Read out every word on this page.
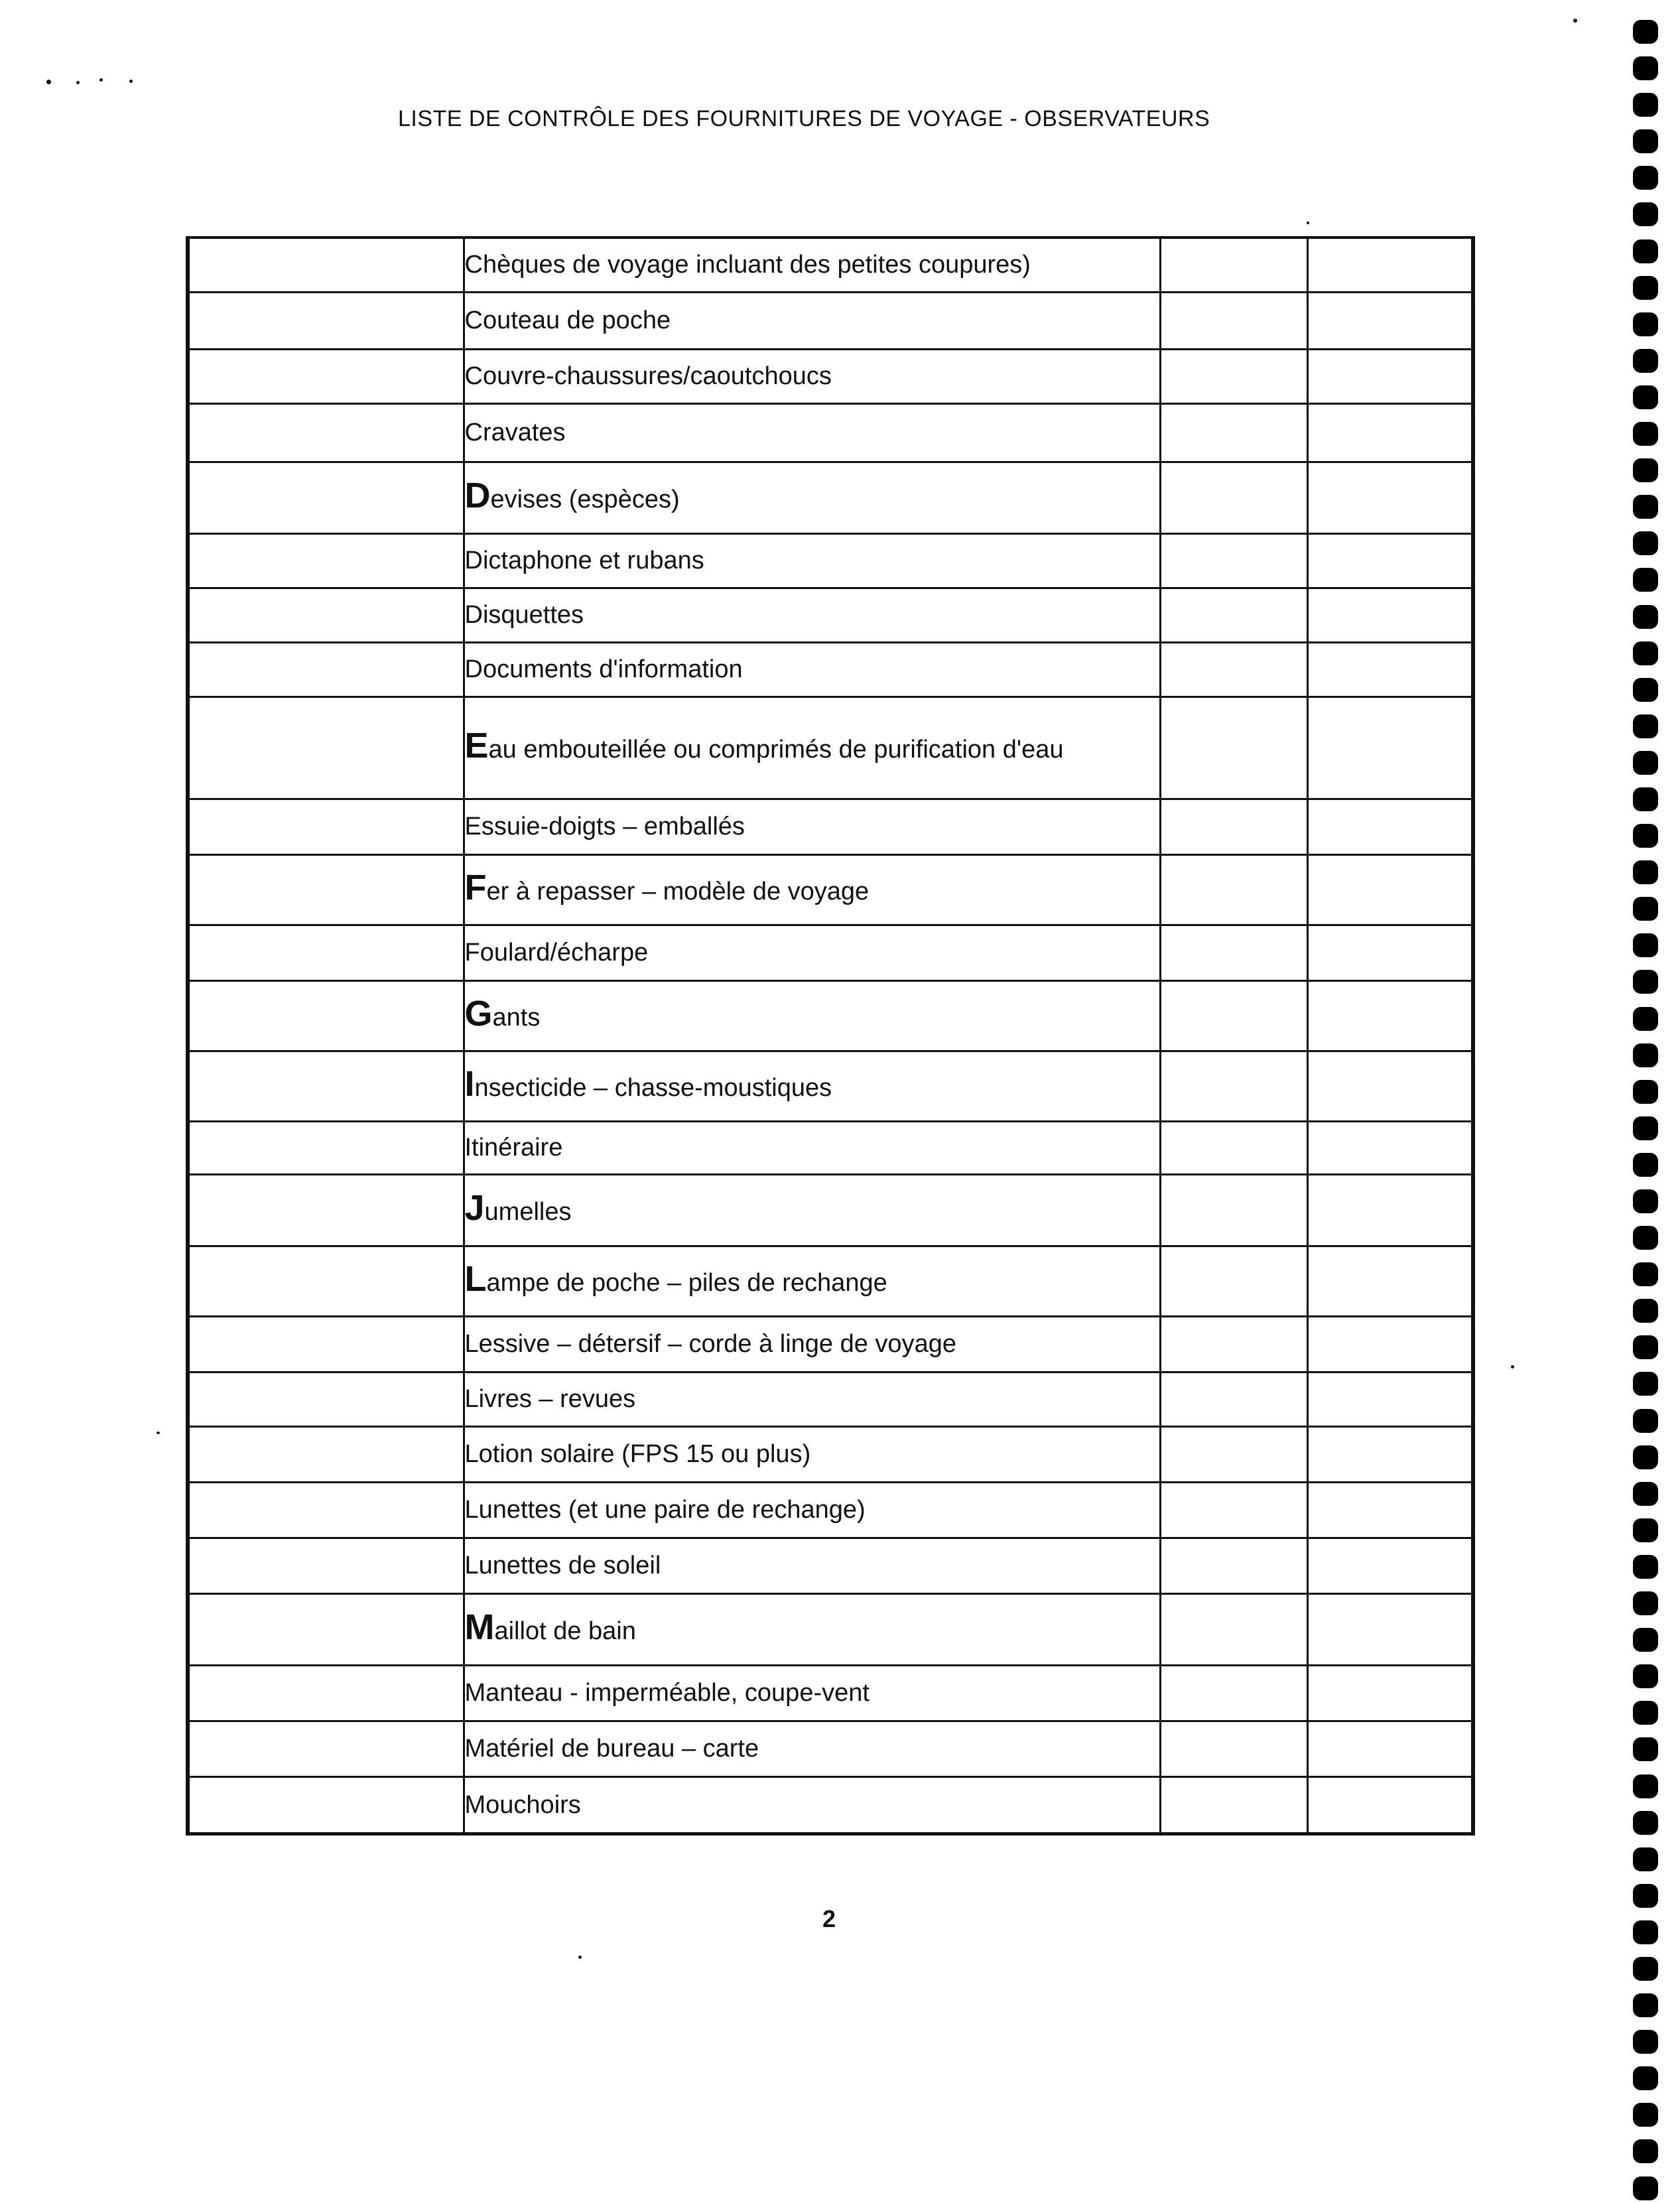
LISTE DE CONTRÔLE DES FOURNITURES DE VOYAGE - OBSERVATEURS
	Chèques de voyage incluant des petites coupures)		
	Couteau de poche		
	Couvre-chaussures/caoutchoucs		
	Cravates		
	Devises (espèces)		
	Dictaphone et rubans		
	Disquettes		
	Documents d'information		
	Eau embouteillée ou comprimés de purification d'eau		
	Essuie-doigts – emballés		
	Fer à repasser – modèle de voyage		
	Foulard/écharpe		
	Gants		
	Insecticide – chasse-moustiques		
	Itinéraire		
	Jumelles		
	Lampe de poche – piles de rechange		
	Lessive – détersif – corde à linge de voyage		
	Livres – revues		
	Lotion solaire (FPS 15 ou plus)		
	Lunettes (et une paire de rechange)		
	Lunettes de soleil		
	Maillot de bain		
	Manteau - imperméable, coupe-vent		
	Matériel de bureau – carte		
	Mouchoirs		
2
